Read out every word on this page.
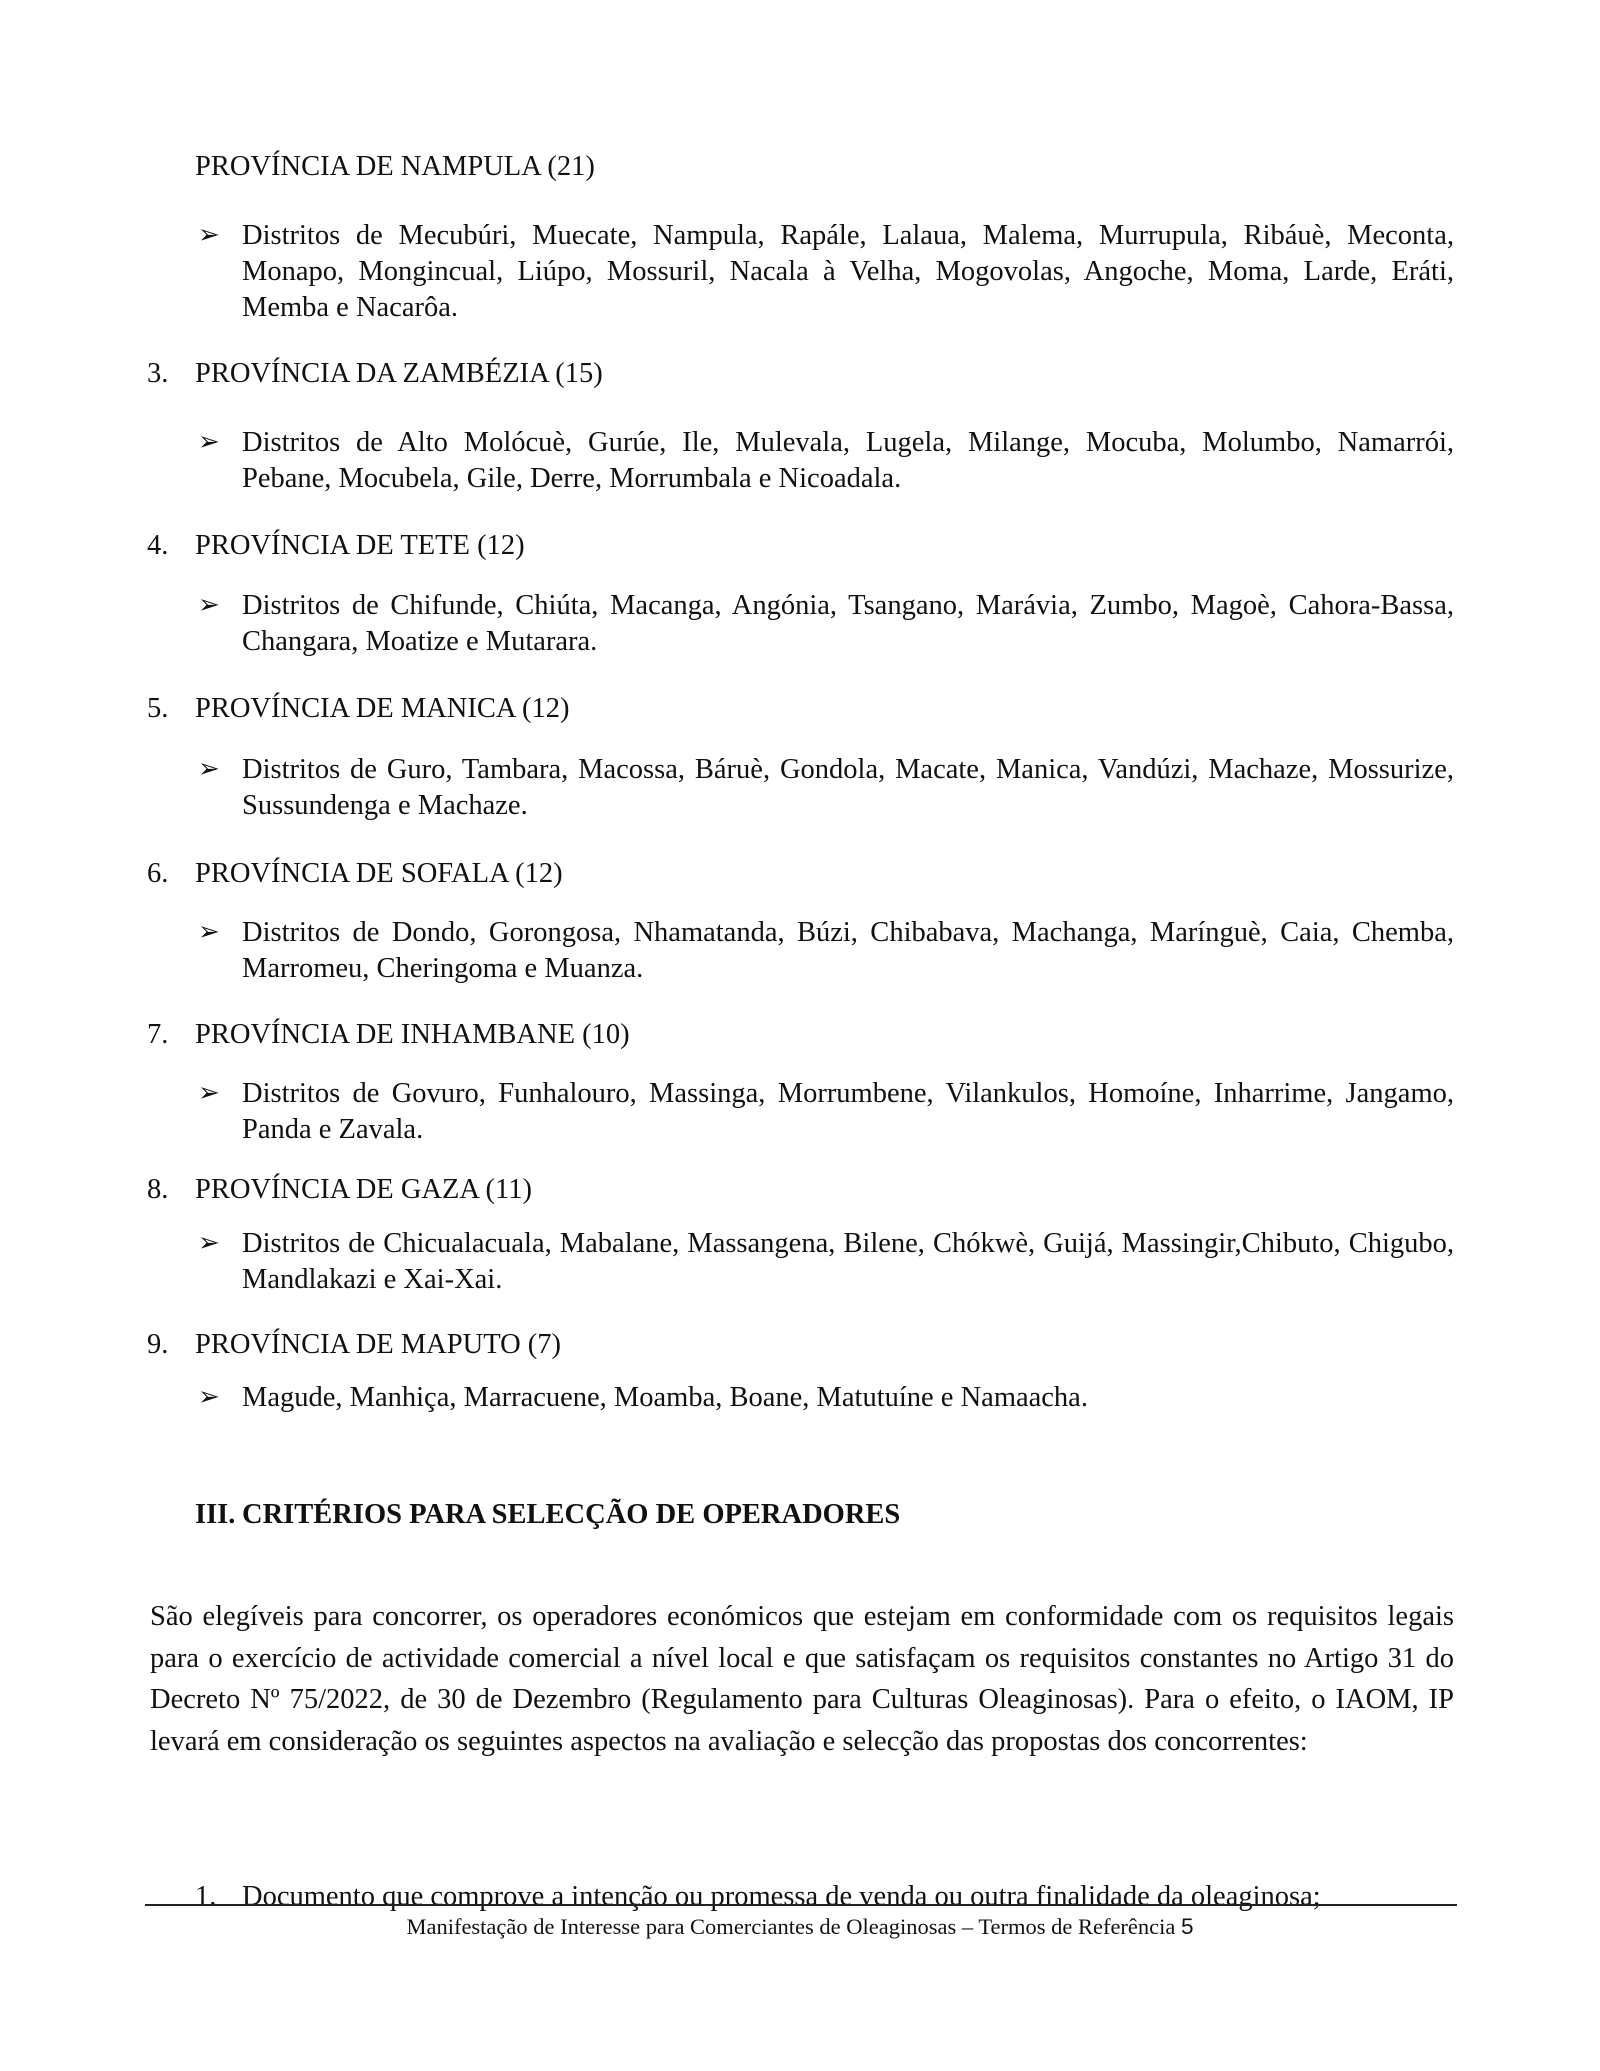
PROVÍNCIA DE NAMPULA (21)
➢ Distritos de Mecubúri, Muecate, Nampula, Rapále, Lalaua, Malema, Murrupula, Ribáuè, Meconta, Monapo, Mongincual, Liúpo, Mossuril, Nacala à Velha, Mogovolas, Angoche, Moma, Larde, Eráti, Memba e Nacarôa.
3. PROVÍNCIA DA ZAMBÉZIA (15)
➢ Distritos de Alto Molócuè, Gurúe, Ile, Mulevala, Lugela, Milange, Mocuba, Molumbo, Namarrói, Pebane, Mocubela, Gile, Derre, Morrumbala e Nicoadala.
4. PROVÍNCIA DE TETE (12)
➢ Distritos de Chifunde, Chiúta, Macanga, Angónia, Tsangano, Marávia, Zumbo, Magoè, Cahora-Bassa, Changara, Moatize e Mutarara.
5. PROVÍNCIA DE MANICA (12)
➢ Distritos de Guro, Tambara, Macossa, Báruè, Gondola, Macate, Manica, Vandúzi, Machaze, Mossurize, Sussundenga e Machaze.
6. PROVÍNCIA DE SOFALA (12)
➢ Distritos de Dondo, Gorongosa, Nhamatanda, Búzi, Chibabava, Machanga, Marínguè, Caia, Chemba, Marromeu, Cheringoma e Muanza.
7. PROVÍNCIA DE INHAMBANE (10)
➢ Distritos de Govuro, Funhalouro, Massinga, Morrumbene, Vilankulos, Homoíne, Inharrime, Jangamo, Panda e Zavala.
8. PROVÍNCIA DE GAZA (11)
➢ Distritos de Chicualacuala, Mabalane, Massangena, Bilene, Chókwè, Guijá, Massingir,Chibuto, Chigubo, Mandlakazi e Xai-Xai.
9. PROVÍNCIA DE MAPUTO (7)
➢ Magude, Manhiça, Marracuene, Moamba, Boane, Matutuíne e Namaacha.
III. CRITÉRIOS PARA SELECÇÃO DE OPERADORES
São elegíveis para concorrer, os operadores económicos que estejam em conformidade com os requisitos legais para o exercício de actividade comercial a nível local e que satisfaçam os requisitos constantes no Artigo 31 do Decreto Nº 75/2022, de 30 de Dezembro (Regulamento para Culturas Oleaginosas). Para o efeito, o IAOM, IP levará em consideração os seguintes aspectos na avaliação e selecção das propostas dos concorrentes:
1. Documento que comprove a intenção ou promessa de venda ou outra finalidade da oleaginosa;
Manifestação de Interesse para Comerciantes de Oleaginosas – Termos de Referência 5
